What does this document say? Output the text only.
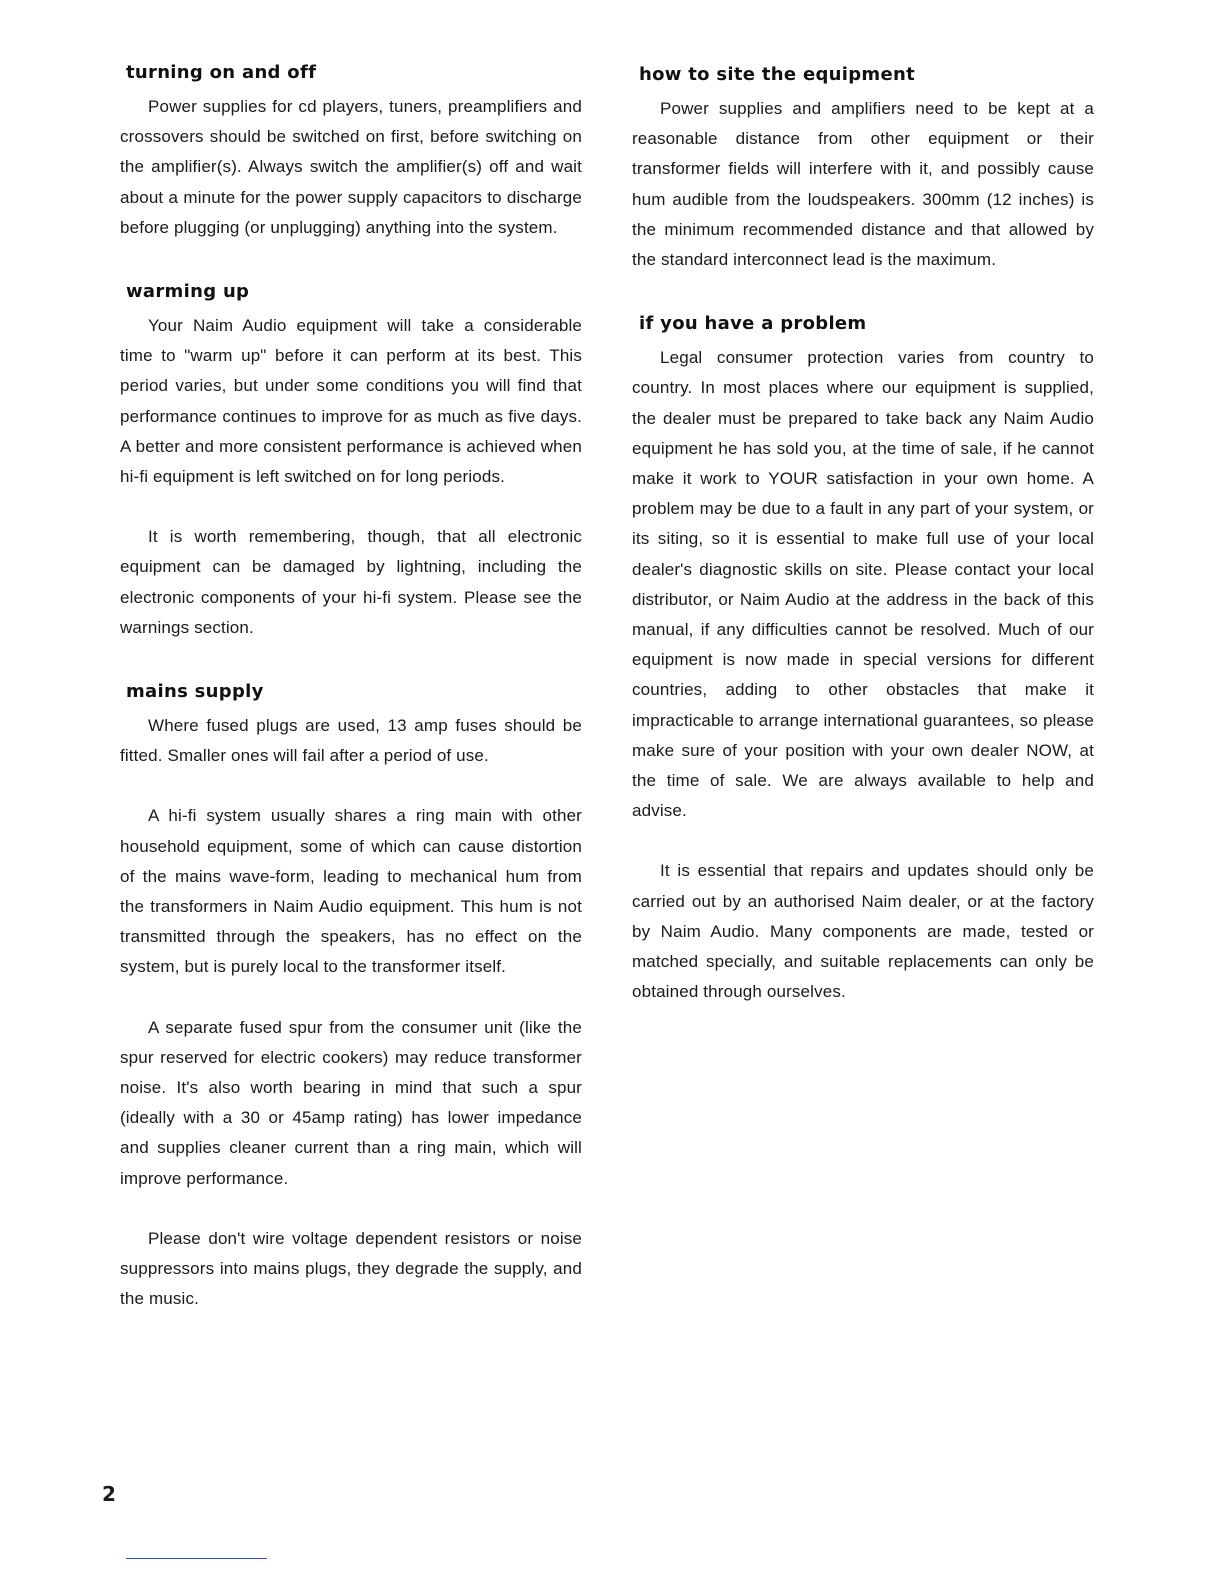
turning on and off

Power supplies for cd players, tuners, preamplifiers and crossovers should be switched on first, before switching on the amplifier(s). Always switch the amplifier(s) off and wait about a minute for the power supply capacitors to discharge before plugging (or unplugging) anything into the system.

warming up

Your Naim Audio equipment will take a considerable time to "warm up" before it can perform at its best. This period varies, but under some conditions you will find that performance continues to improve for as much as five days. A better and more consistent performance is achieved when hi-fi equipment is left switched on for long periods.

It is worth remembering, though, that all electronic equipment can be damaged by lightning, including the electronic components of your hi-fi system. Please see the warnings section.

mains supply

Where fused plugs are used, 13 amp fuses should be fitted. Smaller ones will fail after a period of use.

A hi-fi system usually shares a ring main with other household equipment, some of which can cause distortion of the mains wave-form, leading to mechanical hum from the transformers in Naim Audio equipment. This hum is not transmitted through the speakers, has no effect on the system, but is purely local to the transformer itself.

A separate fused spur from the consumer unit (like the spur reserved for electric cookers) may reduce transformer noise. It's also worth bearing in mind that such a spur (ideally with a 30 or 45amp rating) has lower impedance and supplies cleaner current than a ring main, which will improve performance.

Please don't wire voltage dependent resistors or noise suppressors into mains plugs, they degrade the supply, and the music.

how to site the equipment

Power supplies and amplifiers need to be kept at a reasonable distance from other equipment or their transformer fields will interfere with it, and possibly cause hum audible from the loudspeakers. 300mm (12 inches) is the minimum recommended distance and that allowed by the standard interconnect lead is the maximum.

if you have a problem

Legal consumer protection varies from country to country. In most places where our equipment is supplied, the dealer must be prepared to take back any Naim Audio equipment he has sold you, at the time of sale, if he cannot make it work to YOUR satisfaction in your own home. A problem may be due to a fault in any part of your system, or its siting, so it is essential to make full use of your local dealer's diagnostic skills on site. Please contact your local distributor, or Naim Audio at the address in the back of this manual, if any difficulties cannot be resolved. Much of our equipment is now made in special versions for different countries, adding to other obstacles that make it impracticable to arrange international guarantees, so please make sure of your position with your own dealer NOW, at the time of sale. We are always available to help and advise.

It is essential that repairs and updates should only be carried out by an authorised Naim dealer, or at the factory by Naim Audio. Many components are made, tested or matched specially, and suitable replacements can only be obtained through ourselves.

2
